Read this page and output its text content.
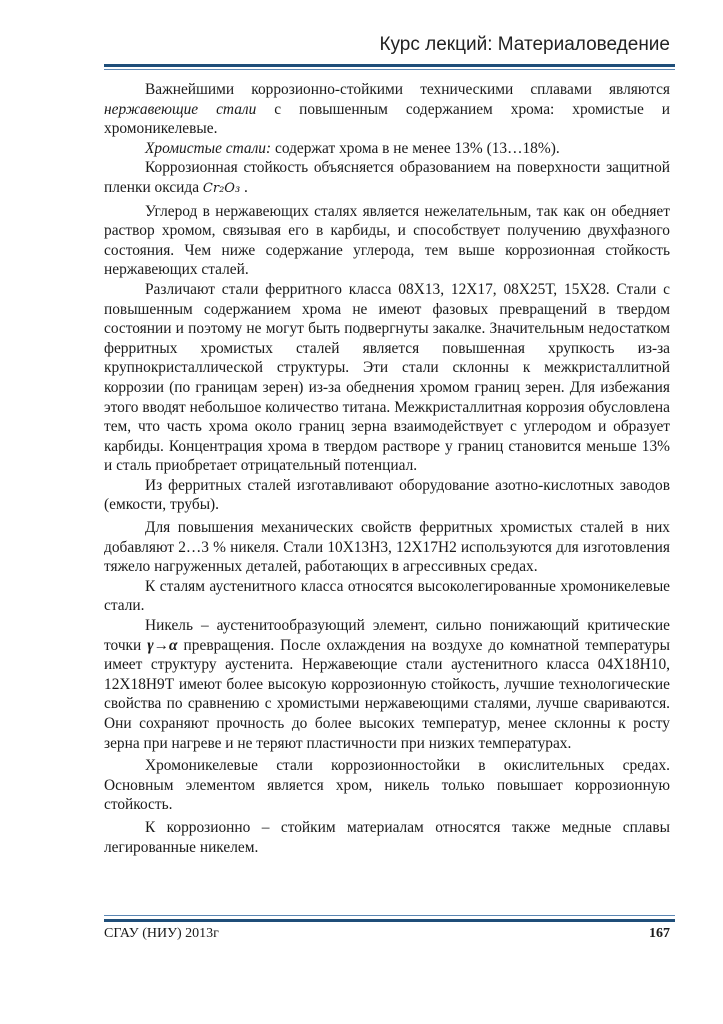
Курс лекций: Материаловедение

Важнейшими коррозионно-стойкими техническими сплавами являются нержавеющие стали с повышенным содержанием хрома: хромистые и хромоникелевые.

Хромистые стали: содержат хрома в не менее 13% (13…18%).

Коррозионная стойкость объясняется образованием на поверхности защитной пленки оксида Cr₂O₃ .

Углерод в нержавеющих сталях является нежелательным, так как он обедняет раствор хромом, связывая его в карбиды, и способствует получению двухфазного состояния. Чем ниже содержание углерода, тем выше коррозионная стойкость нержавеющих сталей.

Различают стали ферритного класса 08Х13, 12Х17, 08Х25Т, 15Х28. Стали с повышенным содержанием хрома не имеют фазовых превращений в твердом состоянии и поэтому не могут быть подвергнуты закалке. Значительным недостатком ферритных хромистых сталей является повышенная хрупкость из-за крупнокристаллической структуры. Эти стали склонны к межкристаллитной коррозии (по границам зерен) из-за обеднения хромом границ зерен. Для избежания этого вводят небольшое количество титана. Межкристаллитная коррозия обусловлена тем, что часть хрома около границ зерна взаимодействует с углеродом и образует карбиды. Концентрация хрома в твердом растворе у границ становится меньше 13% и сталь приобретает отрицательный потенциал.

Из ферритных сталей изготавливают оборудование азотно-кислотных заводов (емкости, трубы).

Для повышения механических свойств ферритных хромистых сталей в них добавляют 2…3 % никеля. Стали 10Х13Н3, 12Х17Н2 используются для изготовления тяжело нагруженных деталей, работающих в агрессивных средах.

К сталям аустенитного класса относятся высоколегированные хромоникелевые стали.

Никель – аустенитообразующий элемент, сильно понижающий критические точки γ→α превращения. После охлаждения на воздухе до комнатной температуры имеет структуру аустенита. Нержавеющие стали аустенитного класса 04Х18Н10, 12Х18Н9Т имеют более высокую коррозионную стойкость, лучшие технологические свойства по сравнению с хромистыми нержавеющими сталями, лучше свариваются. Они сохраняют прочность до более высоких температур, менее склонны к росту зерна при нагреве и не теряют пластичности при низких температурах.

Хромоникелевые стали коррозионностойки в окислительных средах. Основным элементом является хром, никель только повышает коррозионную стойкость.

К коррозионно – стойким материалам относятся также медные сплавы легированные никелем.

СГАУ (НИУ) 2013г	167
